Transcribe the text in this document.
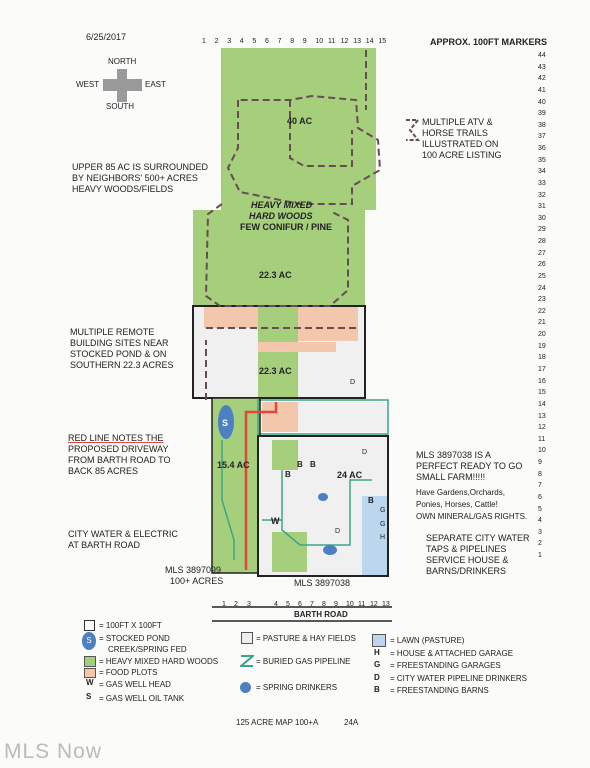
6/25/2017	APPROX. 100FT MARKERS
NORTH
WEST	EAST
SOUTH
1 2 3 4 5 6 7 8 9 10 11 12 13 14 15
44
43
42
41
40
39
38
37
36
35
34
33
32
31
30
29
28
27
26
25
24
23
22
21
20
19
18
17
16
15
14
13
12
11
10
9
8
7
6
5
4
3
2
1
40 AC
HEAVY MIXED
HARD WOODS
FEW CONIFUR / PINE
22.3 AC
22.3 AC
15.4 AC
24 AC
S
W
D
D
D
B B
B
B
G
G
H
MLS 3897099
100+ ACRES	MLS 3897038
BARTH ROAD
1 2 3	4 5 6 7 8 9 10 11 12 13
UPPER 85 AC IS SURROUNDED
BY NEIGHBORS' 500+ ACRES
HEAVY WOODS/FIELDS
MULTIPLE REMOTE
BUILDING SITES NEAR
STOCKED POND & ON
SOUTHERN 22.3 ACRES
RED LINE NOTES THE
PROPOSED DRIVEWAY
FROM BARTH ROAD TO
BACK 85 ACRES
CITY WATER & ELECTRIC
AT BARTH ROAD
MULTIPLE ATV &
HORSE TRAILS
ILLUSTRATED ON
100 ACRE LISTING
MLS 3897038 IS A
PERFECT READY TO GO
SMALL FARM!!!!!
Have Gardens,Orchards,
Ponies, Horses, Cattle!
OWN MINERAL/GAS RIGHTS.
SEPARATE CITY WATER
TAPS & PIPELINES
SERVICE HOUSE &
BARNS/DRINKERS
= 100FT X 100FT
S = STOCKED POND
CREEK/SPRING FED
= HEAVY MIXED HARD WOODS
= FOOD PLOTS
W = GAS WELL HEAD
S = GAS WELL OIL TANK
= PASTURE & HAY FIELDS
= BURIED GAS PIPELINE
= SPRING DRINKERS
= LAWN (PASTURE)
H = HOUSE & ATTACHED GARAGE
G = FREESTANDING GARAGES
D = CITY WATER PIPELINE DRINKERS
B = FREESTANDING BARNS
125 ACRE MAP 100+A	24A
MLS Now
